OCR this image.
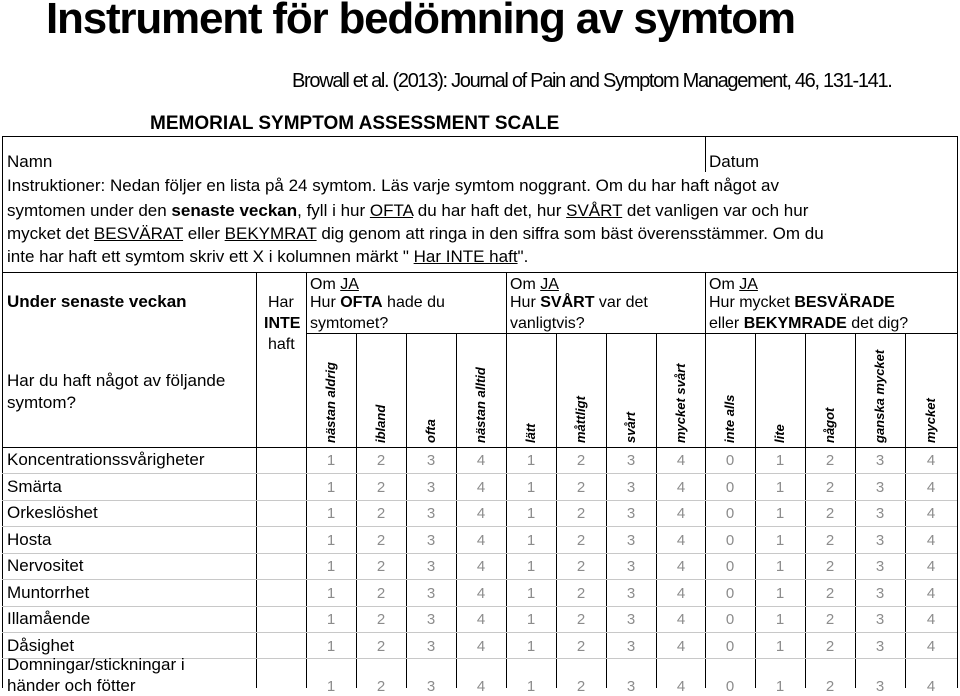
Instrument för bedömning av symtom
Browall et al. (2013): Journal of Pain and Symptom Management, 46, 131-141.
MEMORIAL SYMPTOM ASSESSMENT SCALE
Namn	Datum
Instruktioner: Nedan följer en lista på 24 symtom. Läs varje symtom noggrant. Om du har haft något av
symtomen under den senaste veckan, fyll i hur OFTA du har haft det, hur SVÅRT det vanligen var och hur
mycket det BESVÄRAT eller BEKYMRAT dig genom att ringa in den siffra som bäst överensstämmer. Om du
inte har haft ett symtom skriv ett X i kolumnen märkt " Har INTE haft".
Under senaste veckan
Har du haft något av följande
symtom?
Har
INTE
haft
Om JA
Hur OFTA hade du
symtomet?
Om JA
Hur SVÅRT var det
vanligtvis?
Om JA
Hur mycket BESVÄRADE
eller BEKYMRADE det dig?
nästan aldrig	ibland	ofta	nästan alltid	lätt	måttligt	svårt	mycket svårt	inte alls	lite	något	ganska mycket	mycket
Koncentrationssvårigheter	1	2	3	4	1	2	3	4	0	1	2	3	4
Smärta	1	2	3	4	1	2	3	4	0	1	2	3	4
Orkeslöshet	1	2	3	4	1	2	3	4	0	1	2	3	4
Hosta	1	2	3	4	1	2	3	4	0	1	2	3	4
Nervositet	1	2	3	4	1	2	3	4	0	1	2	3	4
Muntorrhet	1	2	3	4	1	2	3	4	0	1	2	3	4
Illamående	1	2	3	4	1	2	3	4	0	1	2	3	4
Dåsighet	1	2	3	4	1	2	3	4	0	1	2	3	4
Domningar/stickningar i
händer och fötter	1	2	3	4	1	2	3	4	0	1	2	3	4
